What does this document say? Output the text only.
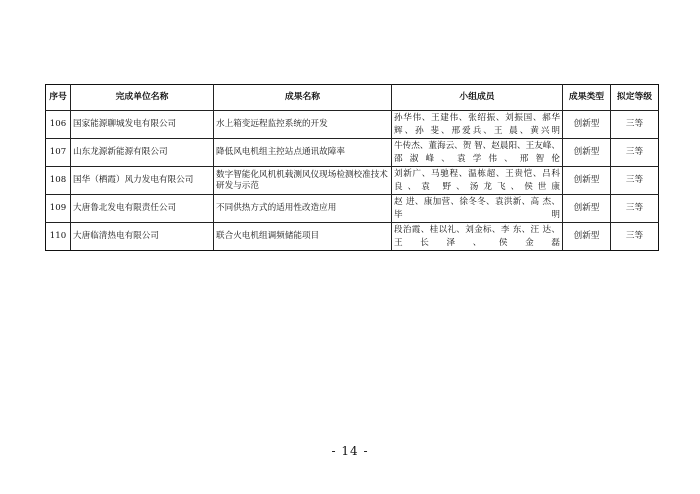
序号	完成单位名称	成果名称	小组成员	成果类型	拟定等级
106	国家能源聊城发电有限公司	水上箱变远程监控系统的开发	孙华伟、王建伟、张绍振、刘振国、郝华辉、孙 斐、邢爱兵、王 晨、黄兴明	创新型	三等
107	山东龙源新能源有限公司	降低风电机组主控站点通讯故障率	牛传杰、董海云、贺 智、赵晨阳、王友峰、邵淑峰、袁学伟、邢智伦	创新型	三等
108	国华（栖霞）风力发电有限公司	数字智能化风机机载测风仪现场检测校准技术研发与示范	刘新广、马驰程、温栋超、王贵恺、吕科良、袁 野、汤龙飞、侯世康	创新型	三等
109	大唐鲁北发电有限责任公司	不同供热方式的适用性改造应用	赵 进、康加营、徐冬冬、袁洪新、高 杰、毕 明	创新型	三等
110	大唐临清热电有限公司	联合火电机组调频储能项目	段治霞、桂以礼、刘金标、李 东、汪 达、王长泽、侯金磊	创新型	三等
- 14 -
